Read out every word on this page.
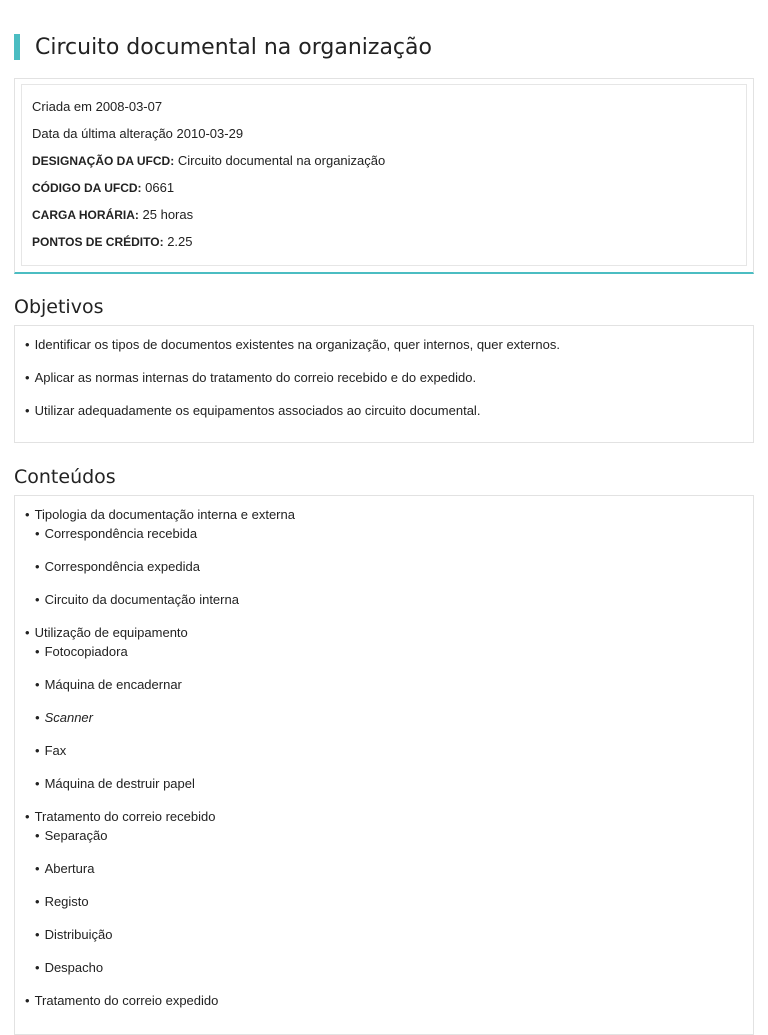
Circuito documental na organização
Criada em 2008-03-07
Data da última alteração 2010-03-29
DESIGNAÇÃO DA UFCD: Circuito documental na organização
CÓDIGO DA UFCD: 0661
CARGA HORÁRIA: 25 horas
PONTOS DE CRÉDITO: 2.25
Objetivos
• Identificar os tipos de documentos existentes na organização, quer internos, quer externos.
• Aplicar as normas internas do tratamento do correio recebido e do expedido.
• Utilizar adequadamente os equipamentos associados ao circuito documental.
Conteúdos
• Tipologia da documentação interna e externa
• Correspondência recebida
• Correspondência expedida
• Circuito da documentação interna
• Utilização de equipamento
• Fotocopiadora
• Máquina de encadernar
• Scanner
• Fax
• Máquina de destruir papel
• Tratamento do correio recebido
• Separação
• Abertura
• Registo
• Distribuição
• Despacho
• Tratamento do correio expedido
